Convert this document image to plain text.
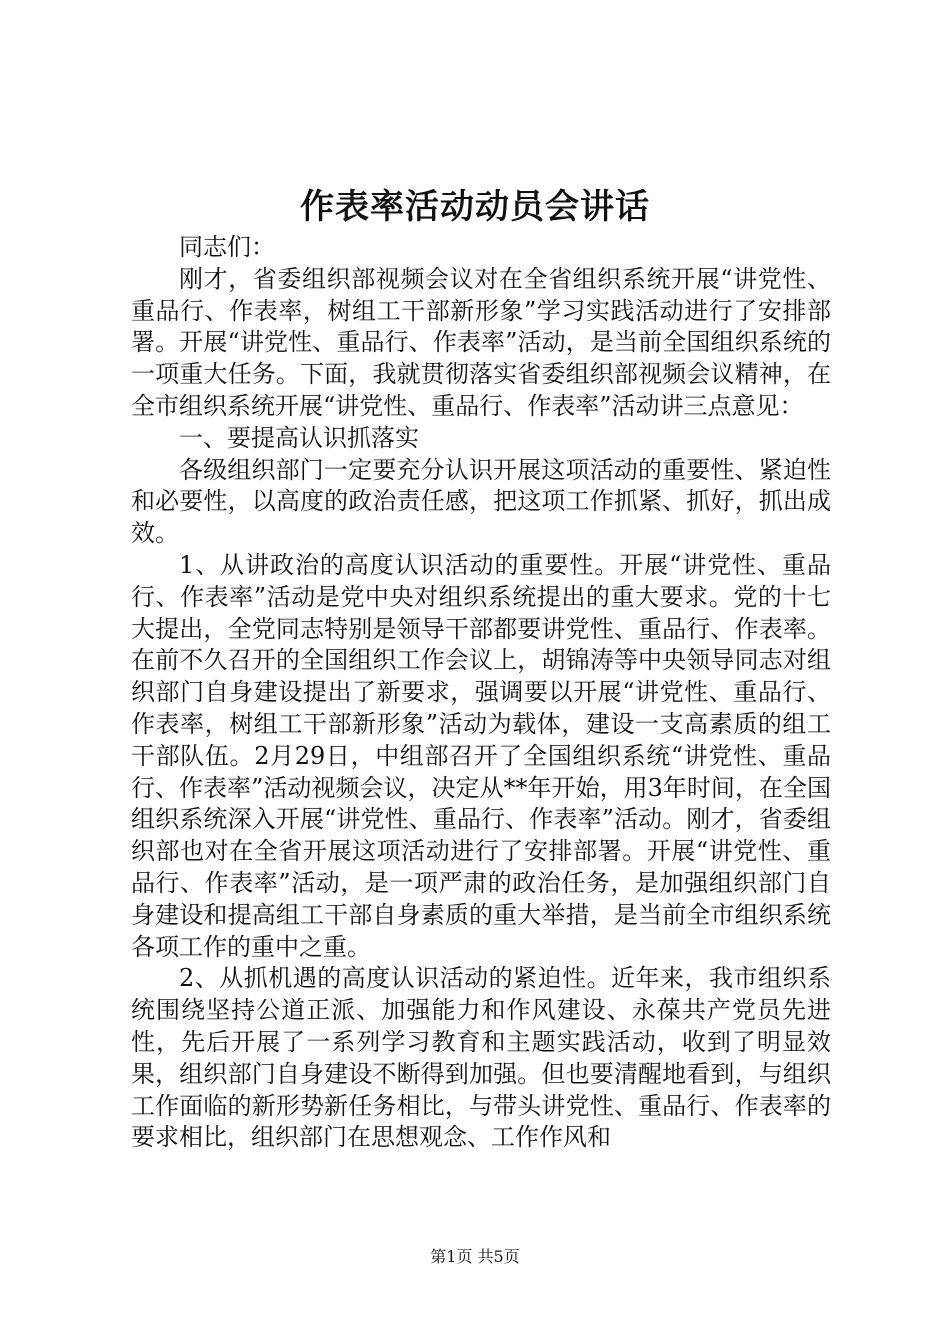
作表率活动动员会讲话

同志们：

刚才，省委组织部视频会议对在全省组织系统开展“讲党性、重品行、作表率，树组工干部新形象”学习实践活动进行了安排部署。开展“讲党性、重品行、作表率”活动，是当前全国组织系统的一项重大任务。下面，我就贯彻落实省委组织部视频会议精神，在全市组织系统开展“讲党性、重品行、作表率”活动讲三点意见：

一、要提高认识抓落实

各级组织部门一定要充分认识开展这项活动的重要性、紧迫性和必要性，以高度的政治责任感，把这项工作抓紧、抓好，抓出成效。

1、从讲政治的高度认识活动的重要性。开展“讲党性、重品行、作表率”活动是党中央对组织系统提出的重大要求。党的十七大提出，全党同志特别是领导干部都要讲党性、重品行、作表率。在前不久召开的全国组织工作会议上，胡锦涛等中央领导同志对组织部门自身建设提出了新要求，强调要以开展“讲党性、重品行、作表率，树组工干部新形象”活动为载体，建设一支高素质的组工干部队伍。2月29日，中组部召开了全国组织系统“讲党性、重品行、作表率”活动视频会议，决定从**年开始，用3年时间，在全国组织系统深入开展“讲党性、重品行、作表率”活动。刚才，省委组织部也对在全省开展这项活动进行了安排部署。开展“讲党性、重品行、作表率”活动，是一项严肃的政治任务，是加强组织部门自身建设和提高组工干部自身素质的重大举措，是当前全市组织系统各项工作的重中之重。

2、从抓机遇的高度认识活动的紧迫性。近年来，我市组织系统围绕坚持公道正派、加强能力和作风建设、永葆共产党员先进性，先后开展了一系列学习教育和主题实践活动，收到了明显效果，组织部门自身建设不断得到加强。但也要清醒地看到，与组织工作面临的新形势新任务相比，与带头讲党性、重品行、作表率的要求相比，组织部门在思想观念、工作作风和

第1页 共5页
